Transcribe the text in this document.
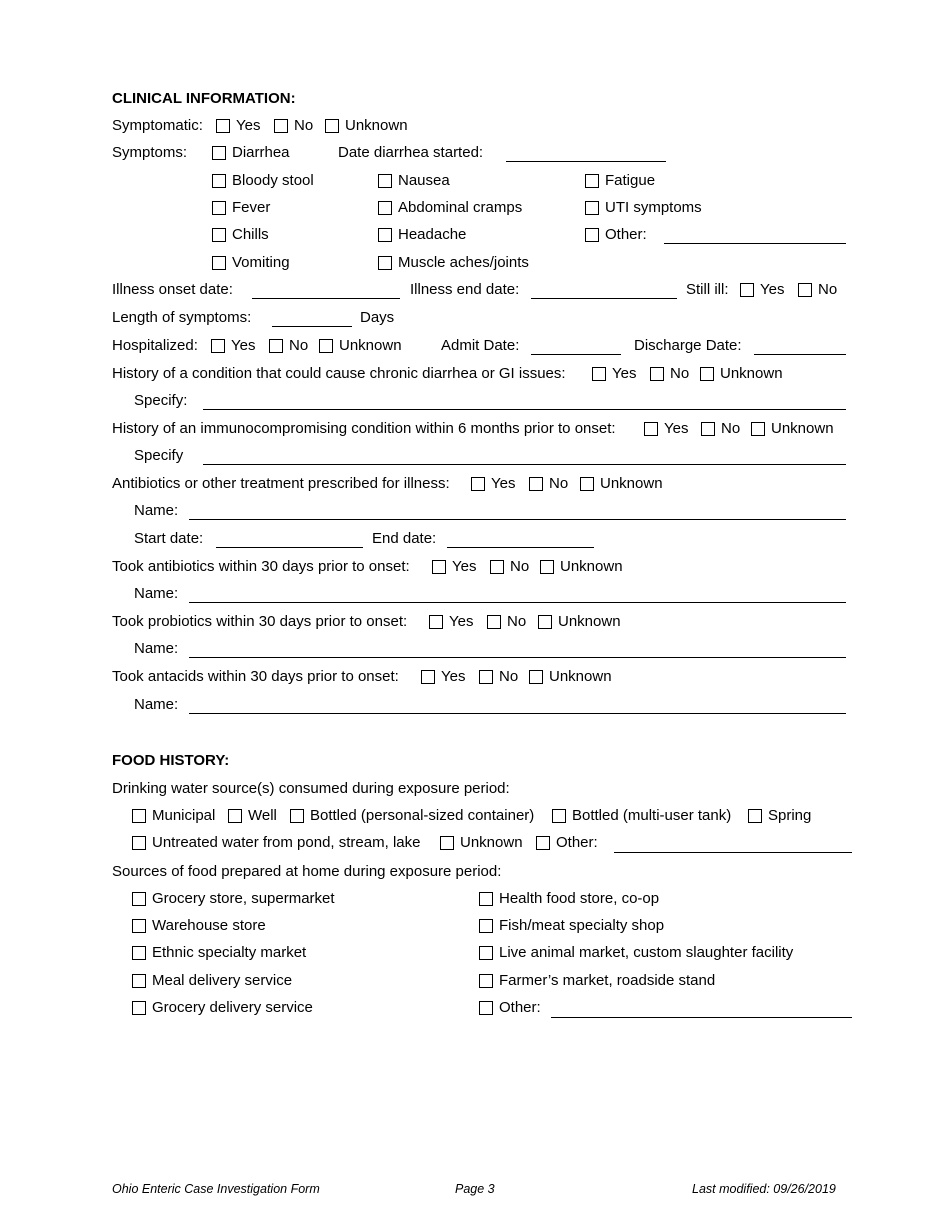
CLINICAL INFORMATION:
Symptomatic: Yes No Unknown
Symptoms:	Diarrhea	Date diarrhea started:
Bloody stool	Nausea	Fatigue
Fever	Abdominal cramps	UTI symptoms
Chills	Headache	Other:
Vomiting	Muscle aches/joints
Illness onset date:	Illness end date:	Still ill: Yes No
Length of symptoms:	Days
Hospitalized: Yes No Unknown	Admit Date:	Discharge Date:
History of a condition that could cause chronic diarrhea or GI issues:	Yes No Unknown
Specify:
History of an immunocompromising condition within 6 months prior to onset:	Yes No Unknown
Specify
Antibiotics or other treatment prescribed for illness:	Yes No Unknown
Name:
Start date:	End date:
Took antibiotics within 30 days prior to onset:	Yes No Unknown
Name:
Took probiotics within 30 days prior to onset:	Yes No Unknown
Name:
Took antacids within 30 days prior to onset:	Yes No Unknown
Name:
FOOD HISTORY:
Drinking water source(s) consumed during exposure period:
Municipal Well Bottled (personal-sized container)	Bottled (multi-user tank) Spring
Untreated water from pond, stream, lake	Unknown Other:
Sources of food prepared at home during exposure period:
Grocery store, supermarket	Health food store, co-op
Warehouse store	Fish/meat specialty shop
Ethnic specialty market	Live animal market, custom slaughter facility
Meal delivery service	Farmer’s market, roadside stand
Grocery delivery service	Other:
Ohio Enteric Case Investigation Form	Page 3	Last modified: 09/26/2019
